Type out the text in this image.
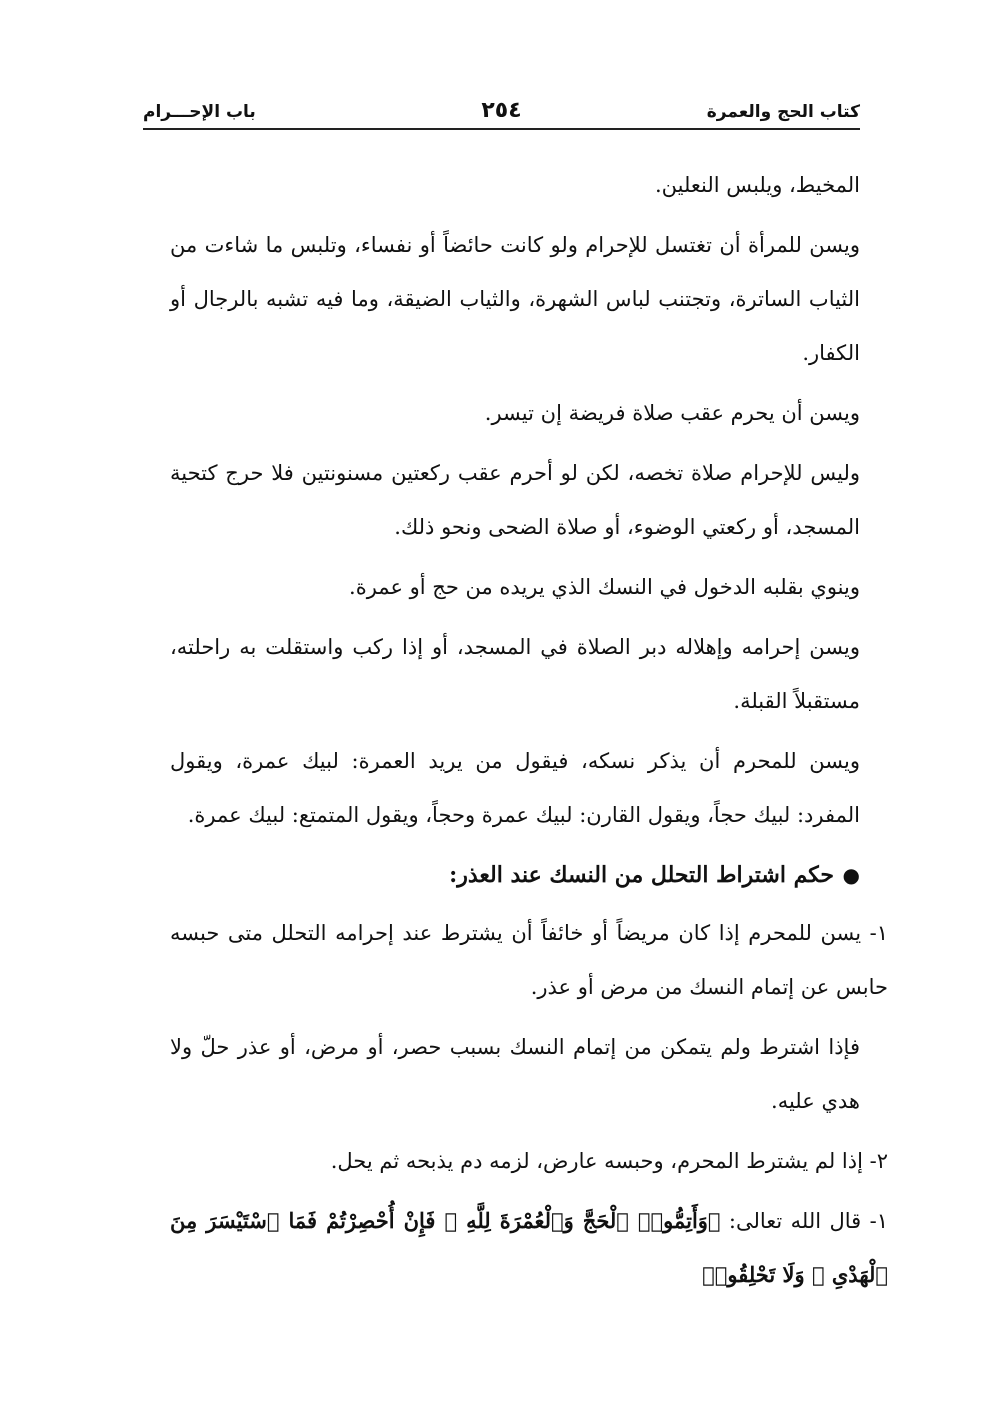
كتاب الحج والعمرة
٢٥٤
باب الإحـــرام

المخيط، ويلبس النعلين.

ويسن للمرأة أن تغتسل للإحرام ولو كانت حائضاً أو نفساء، وتلبس ما شاءت من الثياب الساترة، وتجتنب لباس الشهرة، والثياب الضيقة، وما فيه تشبه بالرجال أو الكفار.

ويسن أن يحرم عقب صلاة فريضة إن تيسر.

وليس للإحرام صلاة تخصه، لكن لو أحرم عقب ركعتين مسنونتين فلا حرج كتحية المسجد، أو ركعتي الوضوء، أو صلاة الضحى ونحو ذلك.

وينوي بقلبه الدخول في النسك الذي يريده من حج أو عمرة.

ويسن إحرامه وإهلاله دبر الصلاة في المسجد، أو إذا ركب واستقلت به راحلته، مستقبلاً القبلة.

ويسن للمحرم أن يذكر نسكه، فيقول من يريد العمرة: لبيك عمرة، ويقول المفرد: لبيك حجاً، ويقول القارن: لبيك عمرة وحجاً، ويقول المتمتع: لبيك عمرة.

●
حكم اشتراط التحلل من النسك عند العذر:

١- يسن للمحرم إذا كان مريضاً أو خائفاً أن يشترط عند إحرامه التحلل متى حبسه حابس عن إتمام النسك من مرض أو عذر.

فإذا اشترط ولم يتمكن من إتمام النسك بسبب حصر، أو مرض، أو عذر حلّ ولا هدي عليه.

٢- إذا لم يشترط المحرم، وحبسه عارض، لزمه دم يذبحه ثم يحل.

١- قال الله تعالى: ﴿وَأَتِمُّوا۟ ٱلْحَجَّ وَٱلْعُمْرَةَ لِلَّهِ ۚ فَإِنْ أُحْصِرْتُمْ فَمَا ٱسْتَيْسَرَ مِنَ ٱلْهَدْىِ ۖ وَلَا تَحْلِقُوا۟
